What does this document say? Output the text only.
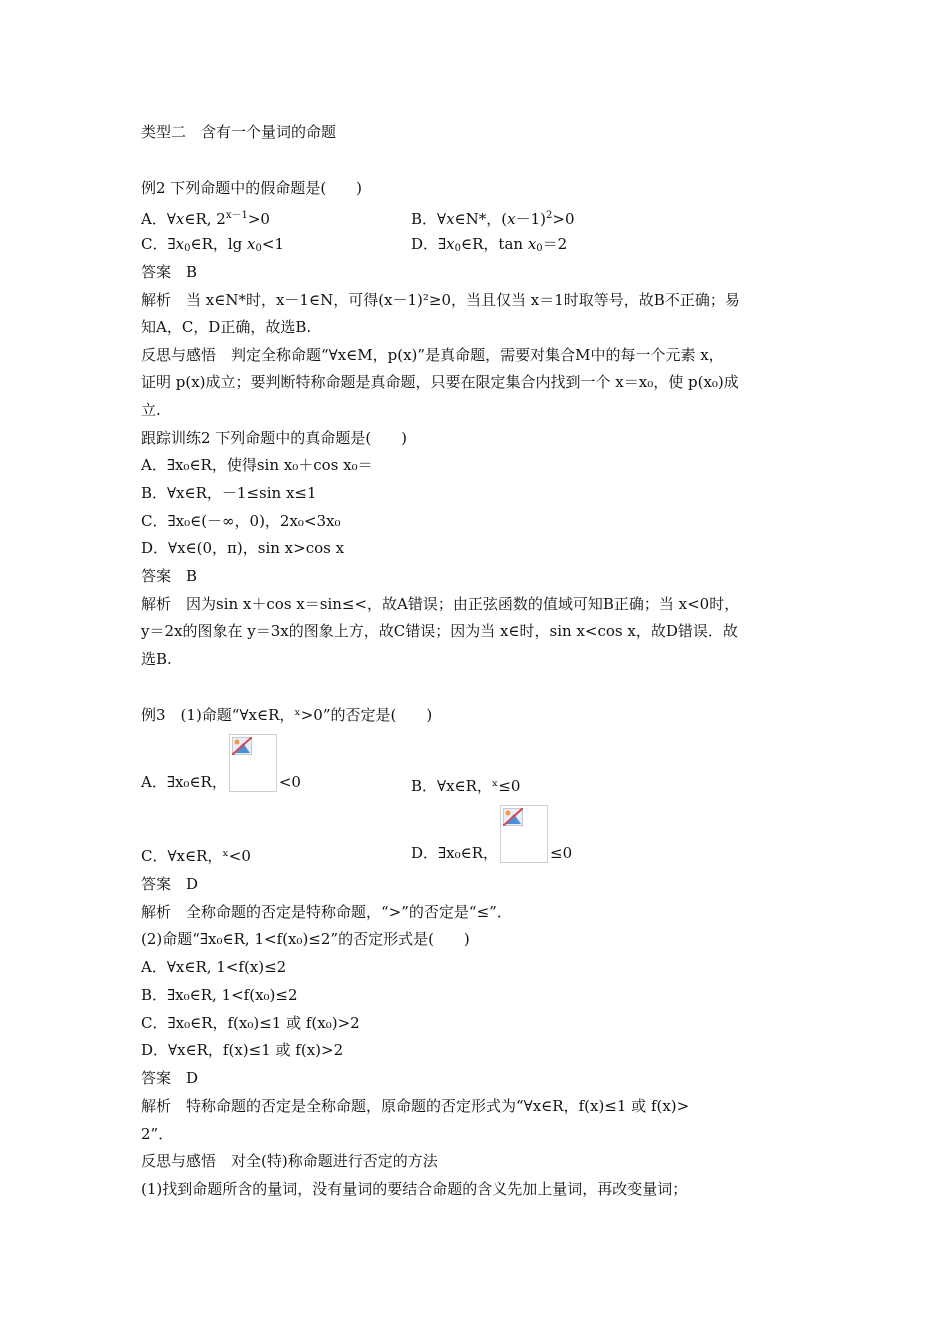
类型二　含有一个量词的命题
例2 下列命题中的假命题是(　　)
A．∀x∈R, $2^{x-1}>0$	B．∀x∈N*，$(x-1)^2>0$
C．$\exists x_0\in R$，$\lg x_0<1$	D．$\exists x_0\in R$，$\tan x_0=2$
答案　B
解析　当 x∈N*时，x－1∈N，可得(x－1)²≥0，当且仅当 x＝1时取等号，故B不正确；易
知A，C，D正确，故选B.
反思与感悟　判定全称命题“∀x∈M，p(x)”是真命题，需要对集合M中的每一个元素 x，
证明 p(x)成立；要判断特称命题是真命题，只要在限定集合内找到一个 x＝x₀，使 p(x₀)成
立.
跟踪训练2 下列命题中的真命题是(　　)
A．∃x₀∈R，使得sin x₀＋cos x₀＝
B．∀x∈R，－1≤sin x≤1
C．∃x₀∈(－∞，0)，2x₀<3x₀
D．∀x∈(0，π)，sin x>cos x
答案　B
解析　因为sin x＋cos x＝sin≤<，故A错误；由正弦函数的值域可知B正确；当 x<0时，
y＝2x的图象在 y＝3x的图象上方，故C错误；因为当 x∈时，sin x<cos x，故D错误．故
选B.
例3　(1)命题“∀x∈R，ˣ>0”的否定是(　　)
A．∃x₀∈R，	<0	B．∀x∈R，ˣ≤0
C．∀x∈R，ˣ<0	D．∃x₀∈R，	≤0
答案　D
解析　全称命题的否定是特称命题，“>”的否定是“≤”．
(2)命题“∃x₀∈R, 1<f(x₀)≤2”的否定形式是(　　)
A．∀x∈R, 1<f(x)≤2
B．∃x₀∈R, 1<f(x₀)≤2
C．∃x₀∈R，f(x₀)≤1 或 f(x₀)>2
D．∀x∈R，f(x)≤1 或 f(x)>2
答案　D
解析　特称命题的否定是全称命题，原命题的否定形式为“∀x∈R，f(x)≤1 或 f(x)>
2”．
反思与感悟　对全(特)称命题进行否定的方法
(1)找到命题所含的量词，没有量词的要结合命题的含义先加上量词，再改变量词；
